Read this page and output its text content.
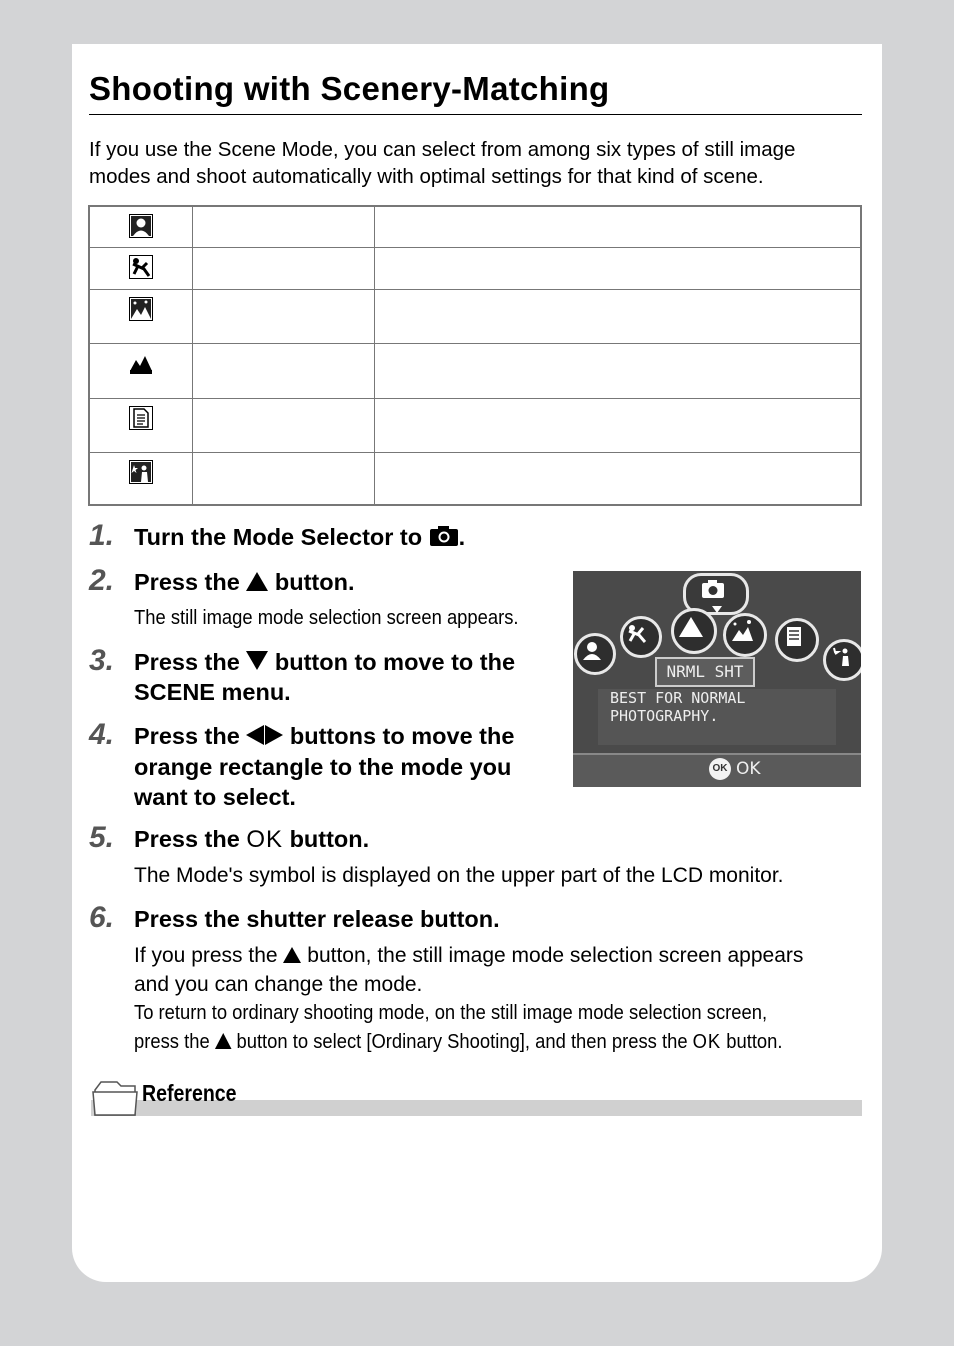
Shooting with Scenery-Matching
If you use the Scene Mode, you can select from among six types of still image modes and shoot automatically with optimal settings for that kind of scene.

1. Turn the Mode Selector to .
2. Press the button.
The still image mode selection screen appears.
3. Press the button to move to the
SCENE menu.
4. Press the buttons to move the
orange rectangle to the mode you
want to select.
NRML SHT
BEST FOR NORMAL
PHOTOGRAPHY.
OK OK
5. Press the OK button.
The Mode's symbol is displayed on the upper part of the LCD monitor.
6. Press the shutter release button.
If you press the button, the still image mode selection screen appears
and you can change the mode.
To return to ordinary shooting mode, on the still image mode selection screen,
press the button to select [Ordinary Shooting], and then press the OK button.
Reference
